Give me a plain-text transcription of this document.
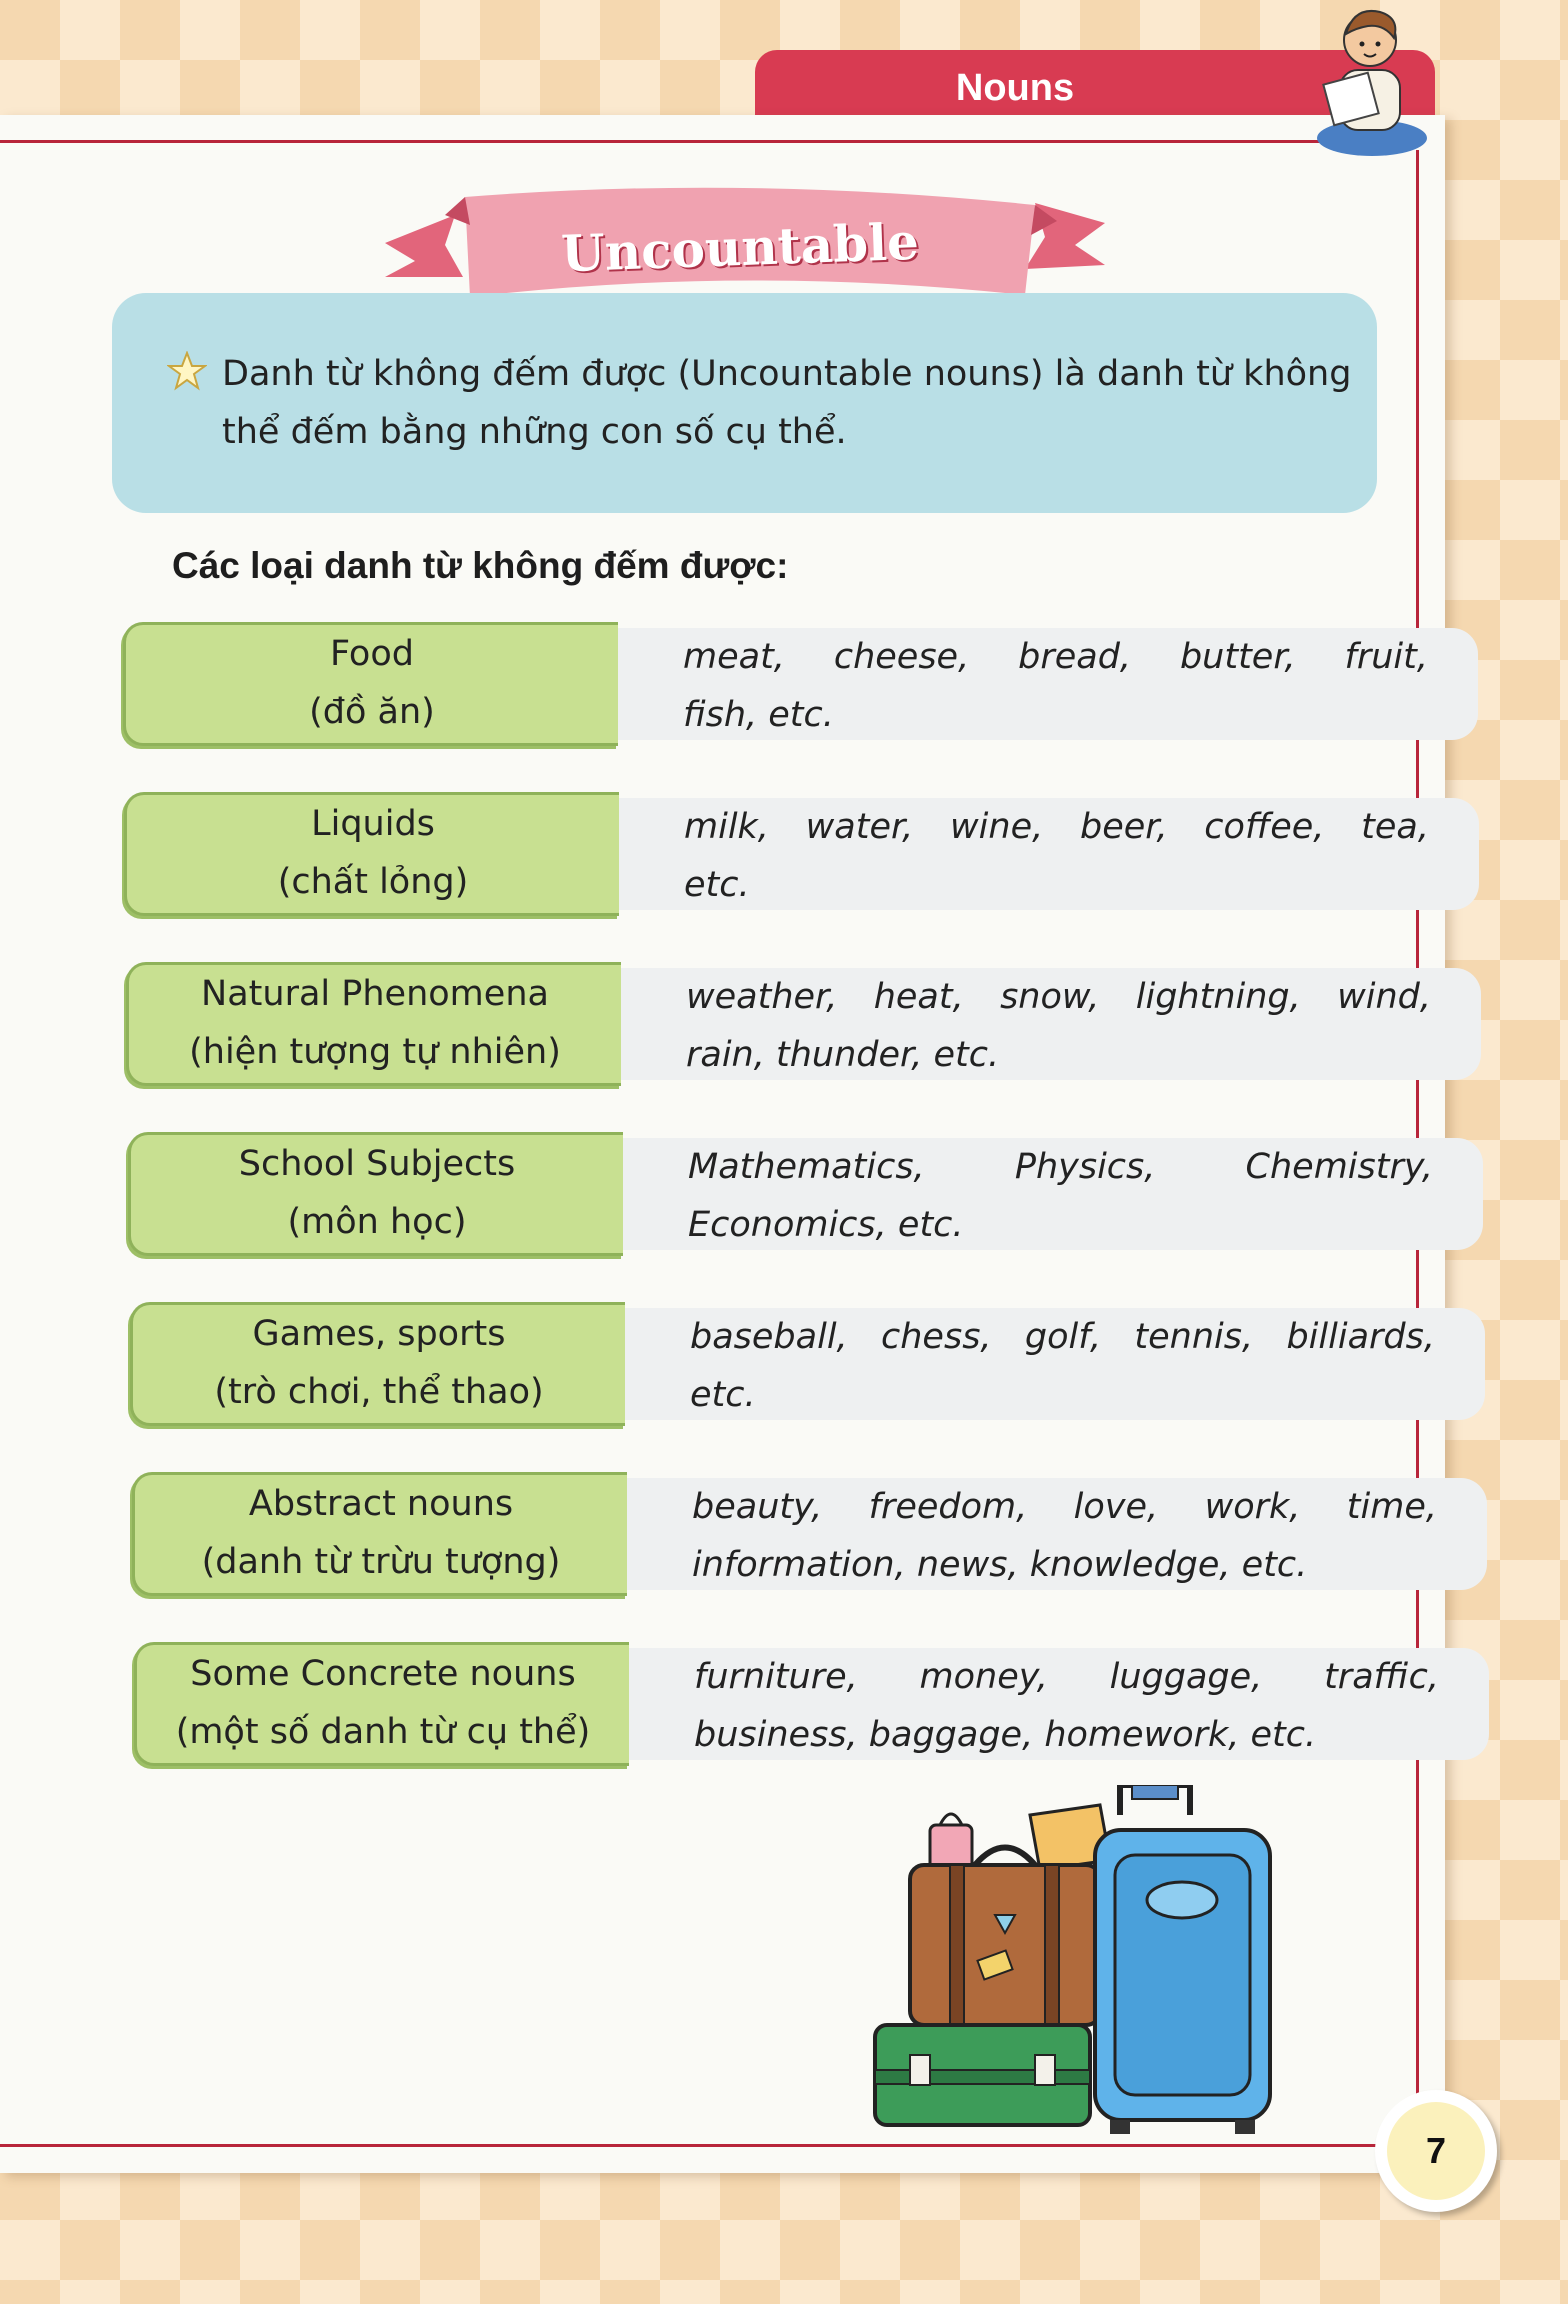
Nouns
Uncountable
Danh từ không đếm được (Uncountable nouns) là danh từ không
thể đếm bằng những con số cụ thể.
Các loại danh từ không đếm được:
Food
(đồ ăn)
meat, cheese, bread, butter, fruit,
fish, etc.
Liquids
(chất lỏng)
milk, water, wine, beer, coffee, tea,
etc.
Natural Phenomena
(hiện tượng tự nhiên)
weather, heat, snow, lightning, wind,
rain, thunder, etc.
School Subjects
(môn học)
Mathematics, Physics, Chemistry,
Economics, etc.
Games, sports
(trò chơi, thể thao)
baseball, chess, golf, tennis, billiards,
etc.
Abstract nouns
(danh từ trừu tượng)
beauty, freedom, love, work, time,
information, news, knowledge, etc.
Some Concrete nouns
(một số danh từ cụ thể)
furniture, money, luggage, traffic,
business, baggage, homework, etc.
7
